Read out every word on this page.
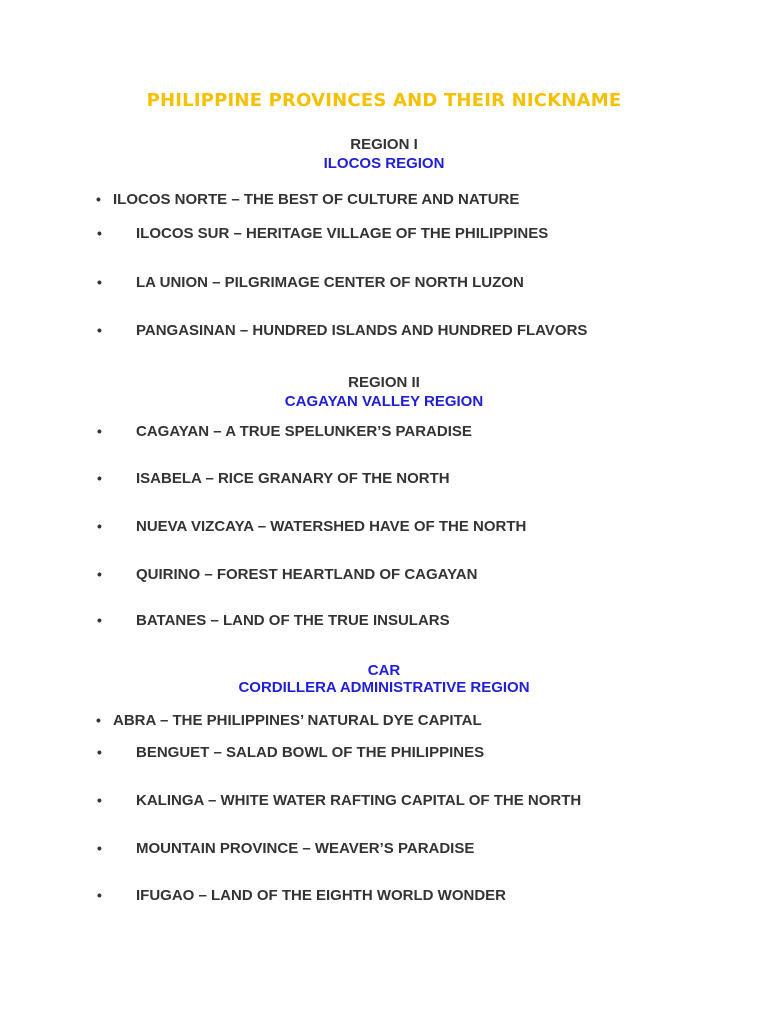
PHILIPPINE PROVINCES AND THEIR NICKNAME
REGION I
ILOCOS REGION
• ILOCOS NORTE – THE BEST OF CULTURE AND NATURE
• ILOCOS SUR – HERITAGE VILLAGE OF THE PHILIPPINES
• LA UNION – PILGRIMAGE CENTER OF NORTH LUZON
• PANGASINAN – HUNDRED ISLANDS AND HUNDRED FLAVORS
REGION II
CAGAYAN VALLEY REGION
• CAGAYAN – A TRUE SPELUNKER’S PARADISE
• ISABELA – RICE GRANARY OF THE NORTH
• NUEVA VIZCAYA – WATERSHED HAVE OF THE NORTH
• QUIRINO – FOREST HEARTLAND OF CAGAYAN
• BATANES – LAND OF THE TRUE INSULARS
CAR
CORDILLERA ADMINISTRATIVE REGION
• ABRA – THE PHILIPPINES’ NATURAL DYE CAPITAL
• BENGUET – SALAD BOWL OF THE PHILIPPINES
• KALINGA – WHITE WATER RAFTING CAPITAL OF THE NORTH
• MOUNTAIN PROVINCE – WEAVER’S PARADISE
• IFUGAO – LAND OF THE EIGHTH WORLD WONDER
